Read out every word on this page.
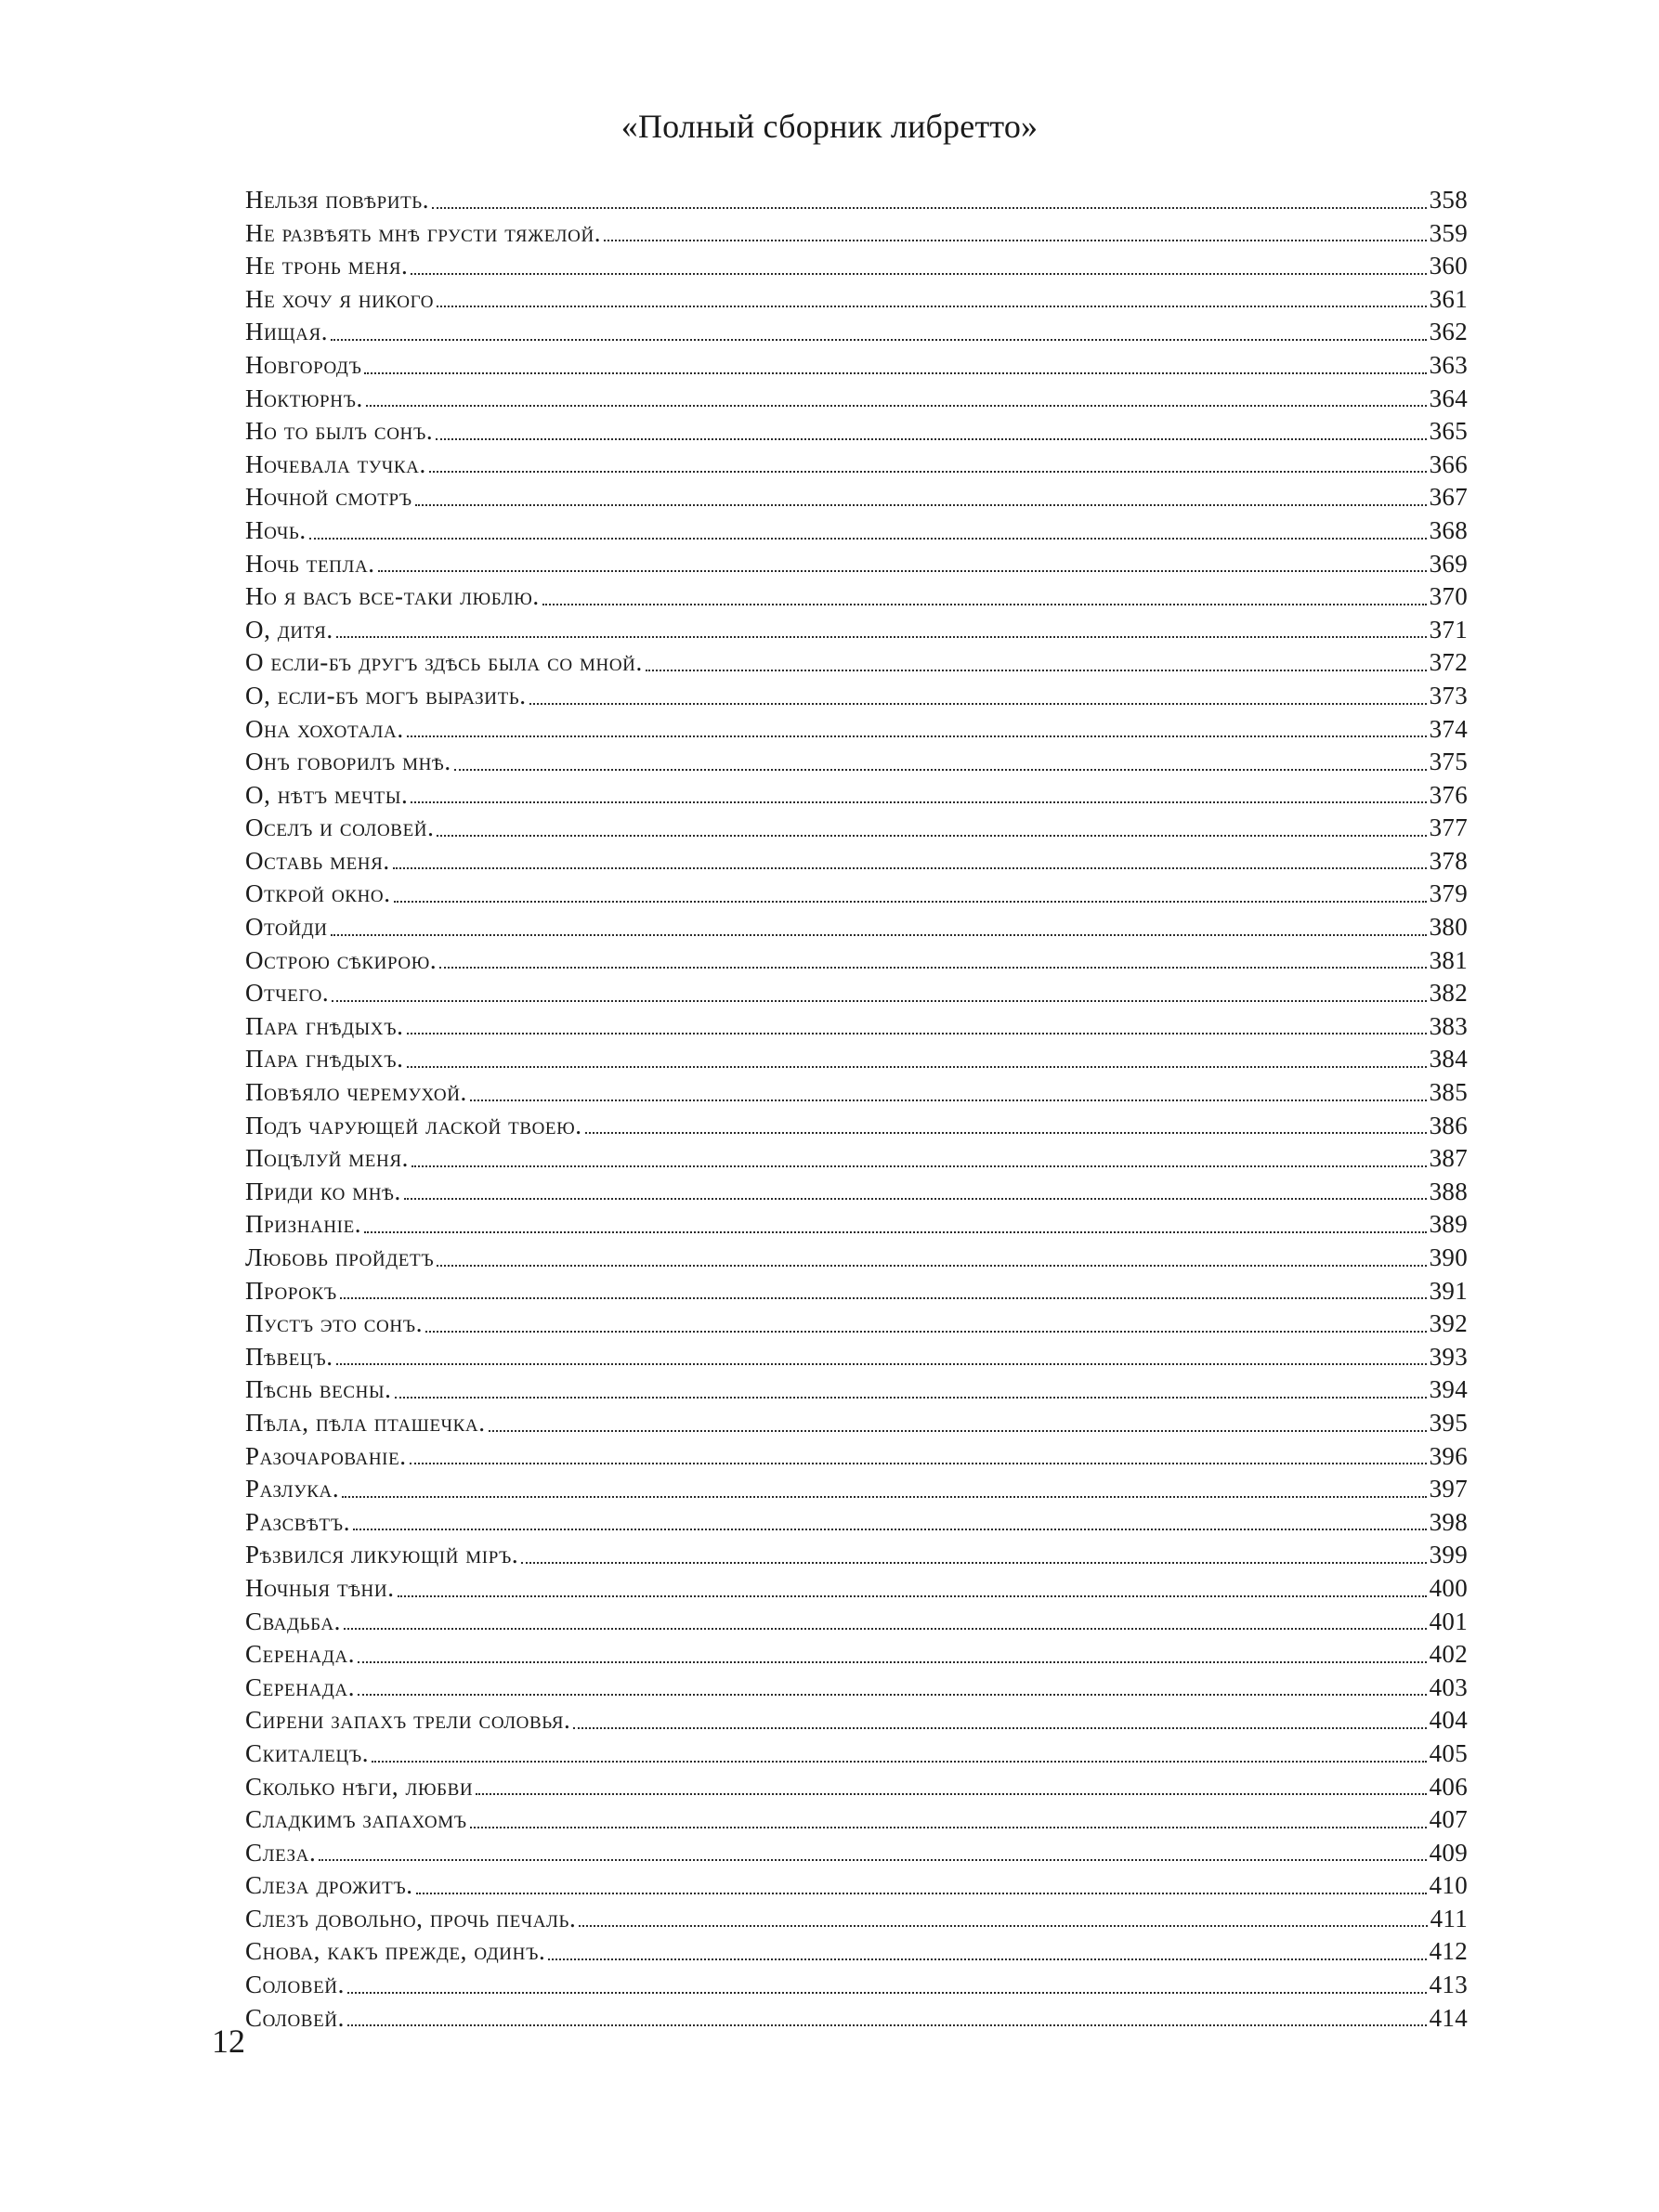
«Полный сборник либретто»
Нельзя повѣрить.	358
Не развѣять мнѣ грусти тяжелой.	359
Не тронь меня.	360
Не хочу я никого	361
Нищая.	362
Новгородъ	363
Ноктюрнъ.	364
Но то былъ сонъ.	365
Ночевала тучка.	366
Ночной смотръ	367
Ночь.	368
Ночь тепла.	369
Но я васъ все-таки люблю.	370
О, дитя.	371
О если-бъ другъ здѣсь была со мной.	372
О, если-бъ могъ выразить.	373
Она хохотала.	374
Онъ говорилъ мнѣ.	375
О, нѣтъ мечты.	376
Оселъ и соловей.	377
Оставь меня.	378
Открой окно.	379
Отойди	380
Острою сѣкирою.	381
Отчего.	382
Пара гнѣдыхъ.	383
Пара гнѣдыхъ.	384
Повѣяло черемухой.	385
Подъ чарующей лаской твоею.	386
Поцѣлуй меня.	387
Приди ко мнѣ.	388
Признанiе.	389
Любовь пройдетъ	390
Пророкъ	391
Пустъ это сонъ.	392
Пѣвецъ.	393
Пѣснь весны.	394
Пѣла, пѣла пташечка.	395
Разочарованiе.	396
Разлука.	397
Разсвѣтъ.	398
Рѣзвился ликующiй мiръ.	399
Ночныя тѣни.	400
Свадьба.	401
Серенада.	402
Серенада.	403
Сирени запахъ трели соловья.	404
Скиталецъ.	405
Сколько нѣги, любви	406
Сладкимъ запахомъ	407
Слеза.	409
Слеза дрожитъ.	410
Слезъ довольно, прочь печаль.	411
Снова, какъ прежде, одинъ.	412
Соловей.	413
Соловей.	414
12
